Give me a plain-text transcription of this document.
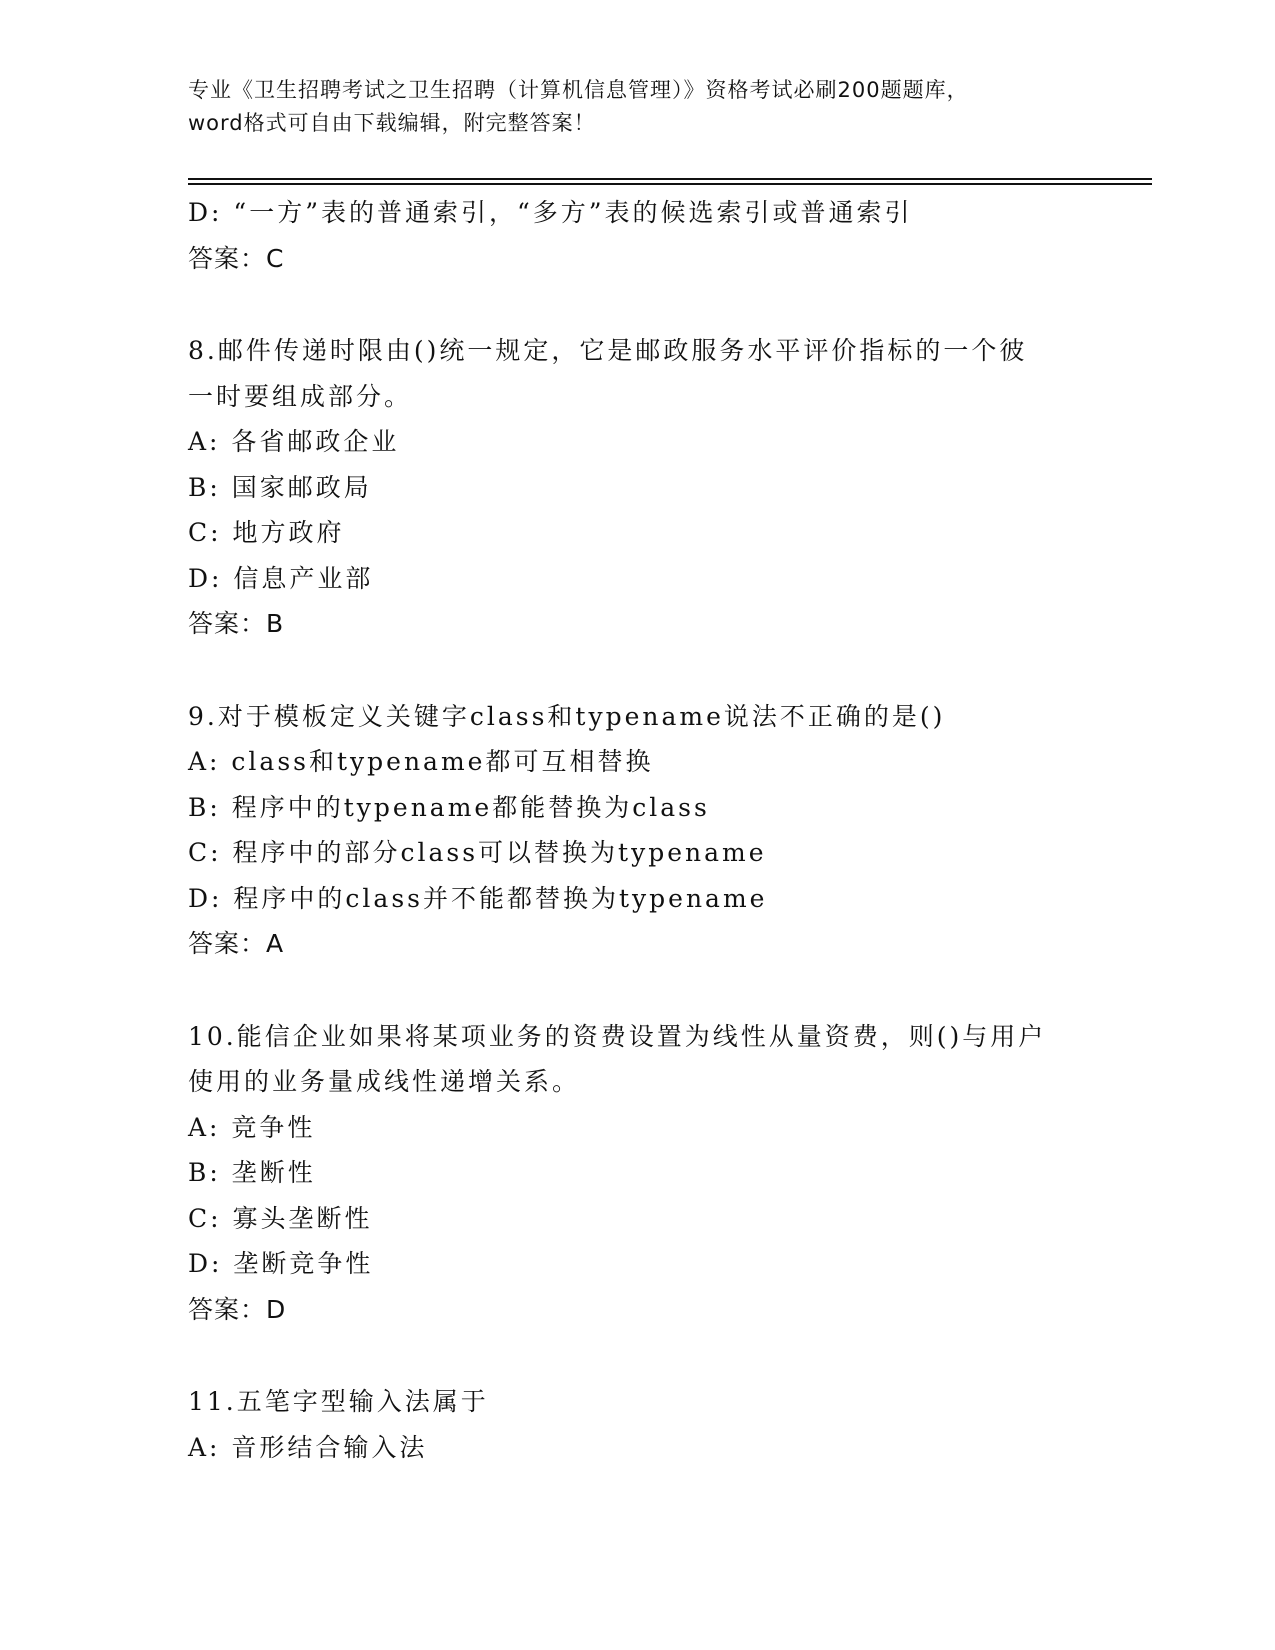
专业《卫生招聘考试之卫生招聘（计算机信息管理）》资格考试必刷200题题库，
word格式可自由下载编辑，附完整答案！
D: “一方”表的普通索引，“多方”表的候选索引或普通索引
答案：C
8.邮件传递时限由()统一规定，它是邮政服务水平评价指标的一个彼
一时要组成部分。
A: 各省邮政企业
B: 国家邮政局
C: 地方政府
D: 信息产业部
答案：B
9.对于模板定义关键字class和typename说法不正确的是()
A: class和typename都可互相替换
B: 程序中的typename都能替换为class
C: 程序中的部分class可以替换为typename
D: 程序中的class并不能都替换为typename
答案：A
10.能信企业如果将某项业务的资费设置为线性从量资费，则()与用户
使用的业务量成线性递增关系。
A: 竞争性
B: 垄断性
C: 寡头垄断性
D: 垄断竞争性
答案：D
11.五笔字型输入法属于
A: 音形结合输入法
